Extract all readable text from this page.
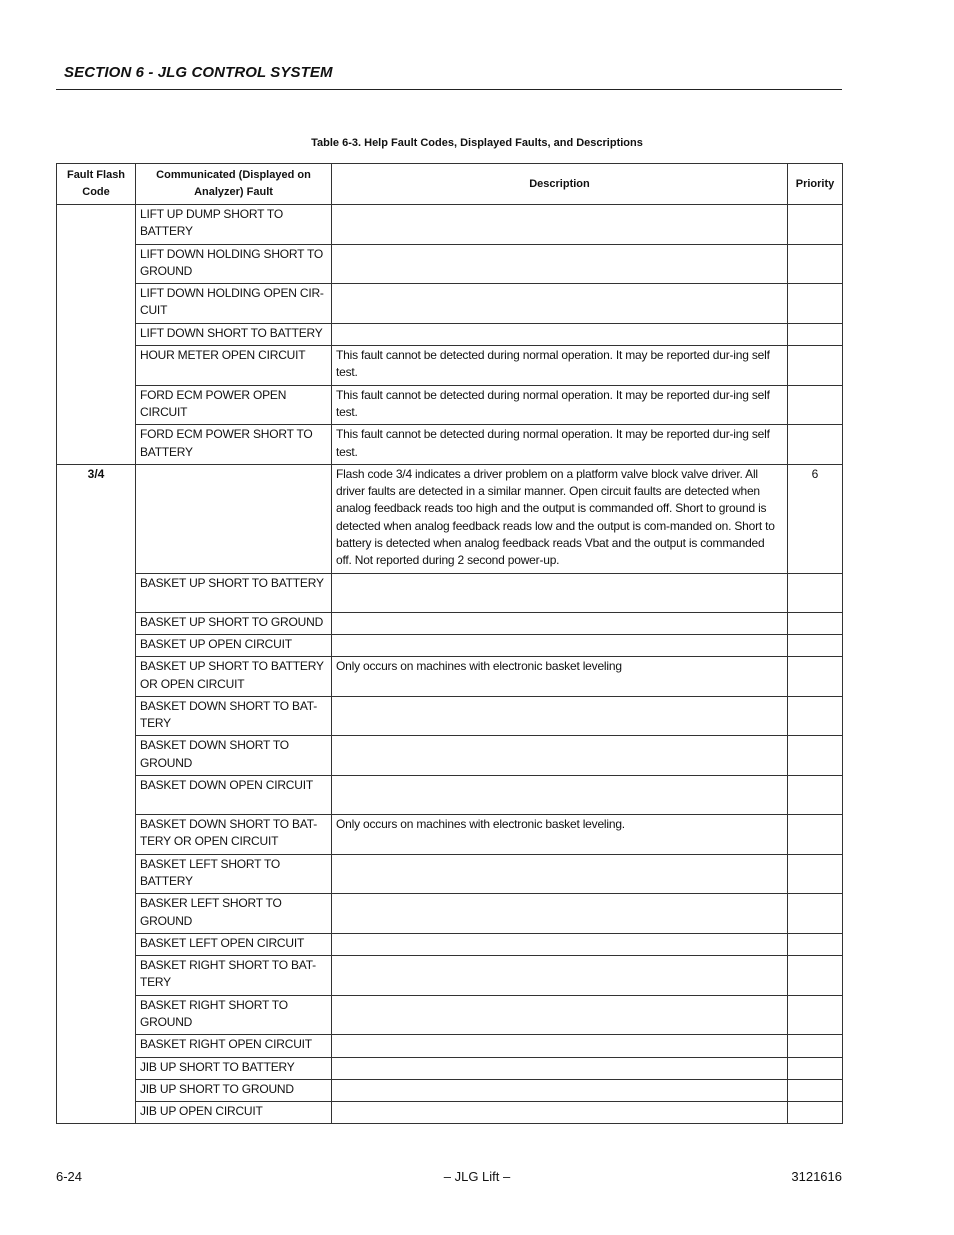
SECTION 6 - JLG CONTROL SYSTEM
Table 6-3. Help Fault Codes, Displayed Faults, and Descriptions
Fault Flash Code	Communicated (Displayed on Analyzer) Fault	Description	Priority
	LIFT UP DUMP SHORT TO BATTERY		
	LIFT DOWN HOLDING SHORT TO GROUND		
	LIFT DOWN HOLDING OPEN CIR-CUIT		
	LIFT DOWN SHORT TO BATTERY		
	HOUR METER OPEN CIRCUIT	This fault cannot be detected during normal operation. It may be reported dur-ing self test.	
	FORD ECM POWER OPEN CIRCUIT	This fault cannot be detected during normal operation. It may be reported dur-ing self test.	
	FORD ECM POWER SHORT TO BATTERY	This fault cannot be detected during normal operation. It may be reported dur-ing self test.	
3/4		Flash code 3/4 indicates a driver problem on a platform valve block valve driver. All driver faults are detected in a similar manner. Open circuit faults are detected when analog feedback reads too high and the output is commanded off. Short to ground is detected when analog feedback reads low and the output is com-manded on. Short to battery is detected when analog feedback reads Vbat and the output is commanded off. Not reported during 2 second power-up.	6
	BASKET UP SHORT TO BATTERY		
	BASKET UP SHORT TO GROUND		
	BASKET UP OPEN CIRCUIT		
	BASKET UP SHORT TO BATTERY OR OPEN CIRCUIT	Only occurs on machines with electronic basket leveling	
	BASKET DOWN SHORT TO BAT-TERY		
	BASKET DOWN SHORT TO GROUND		
	BASKET DOWN OPEN CIRCUIT		
	BASKET DOWN SHORT TO BAT-TERY OR OPEN CIRCUIT	Only occurs on machines with electronic basket leveling.	
	BASKET LEFT SHORT TO BATTERY		
	BASKER LEFT SHORT TO GROUND		
	BASKET LEFT OPEN CIRCUIT		
	BASKET RIGHT SHORT TO BAT-TERY		
	BASKET RIGHT SHORT TO GROUND		
	BASKET RIGHT OPEN CIRCUIT		
	JIB UP SHORT TO BATTERY		
	JIB UP SHORT TO GROUND		
	JIB UP OPEN CIRCUIT		
6-24	– JLG Lift –	3121616
